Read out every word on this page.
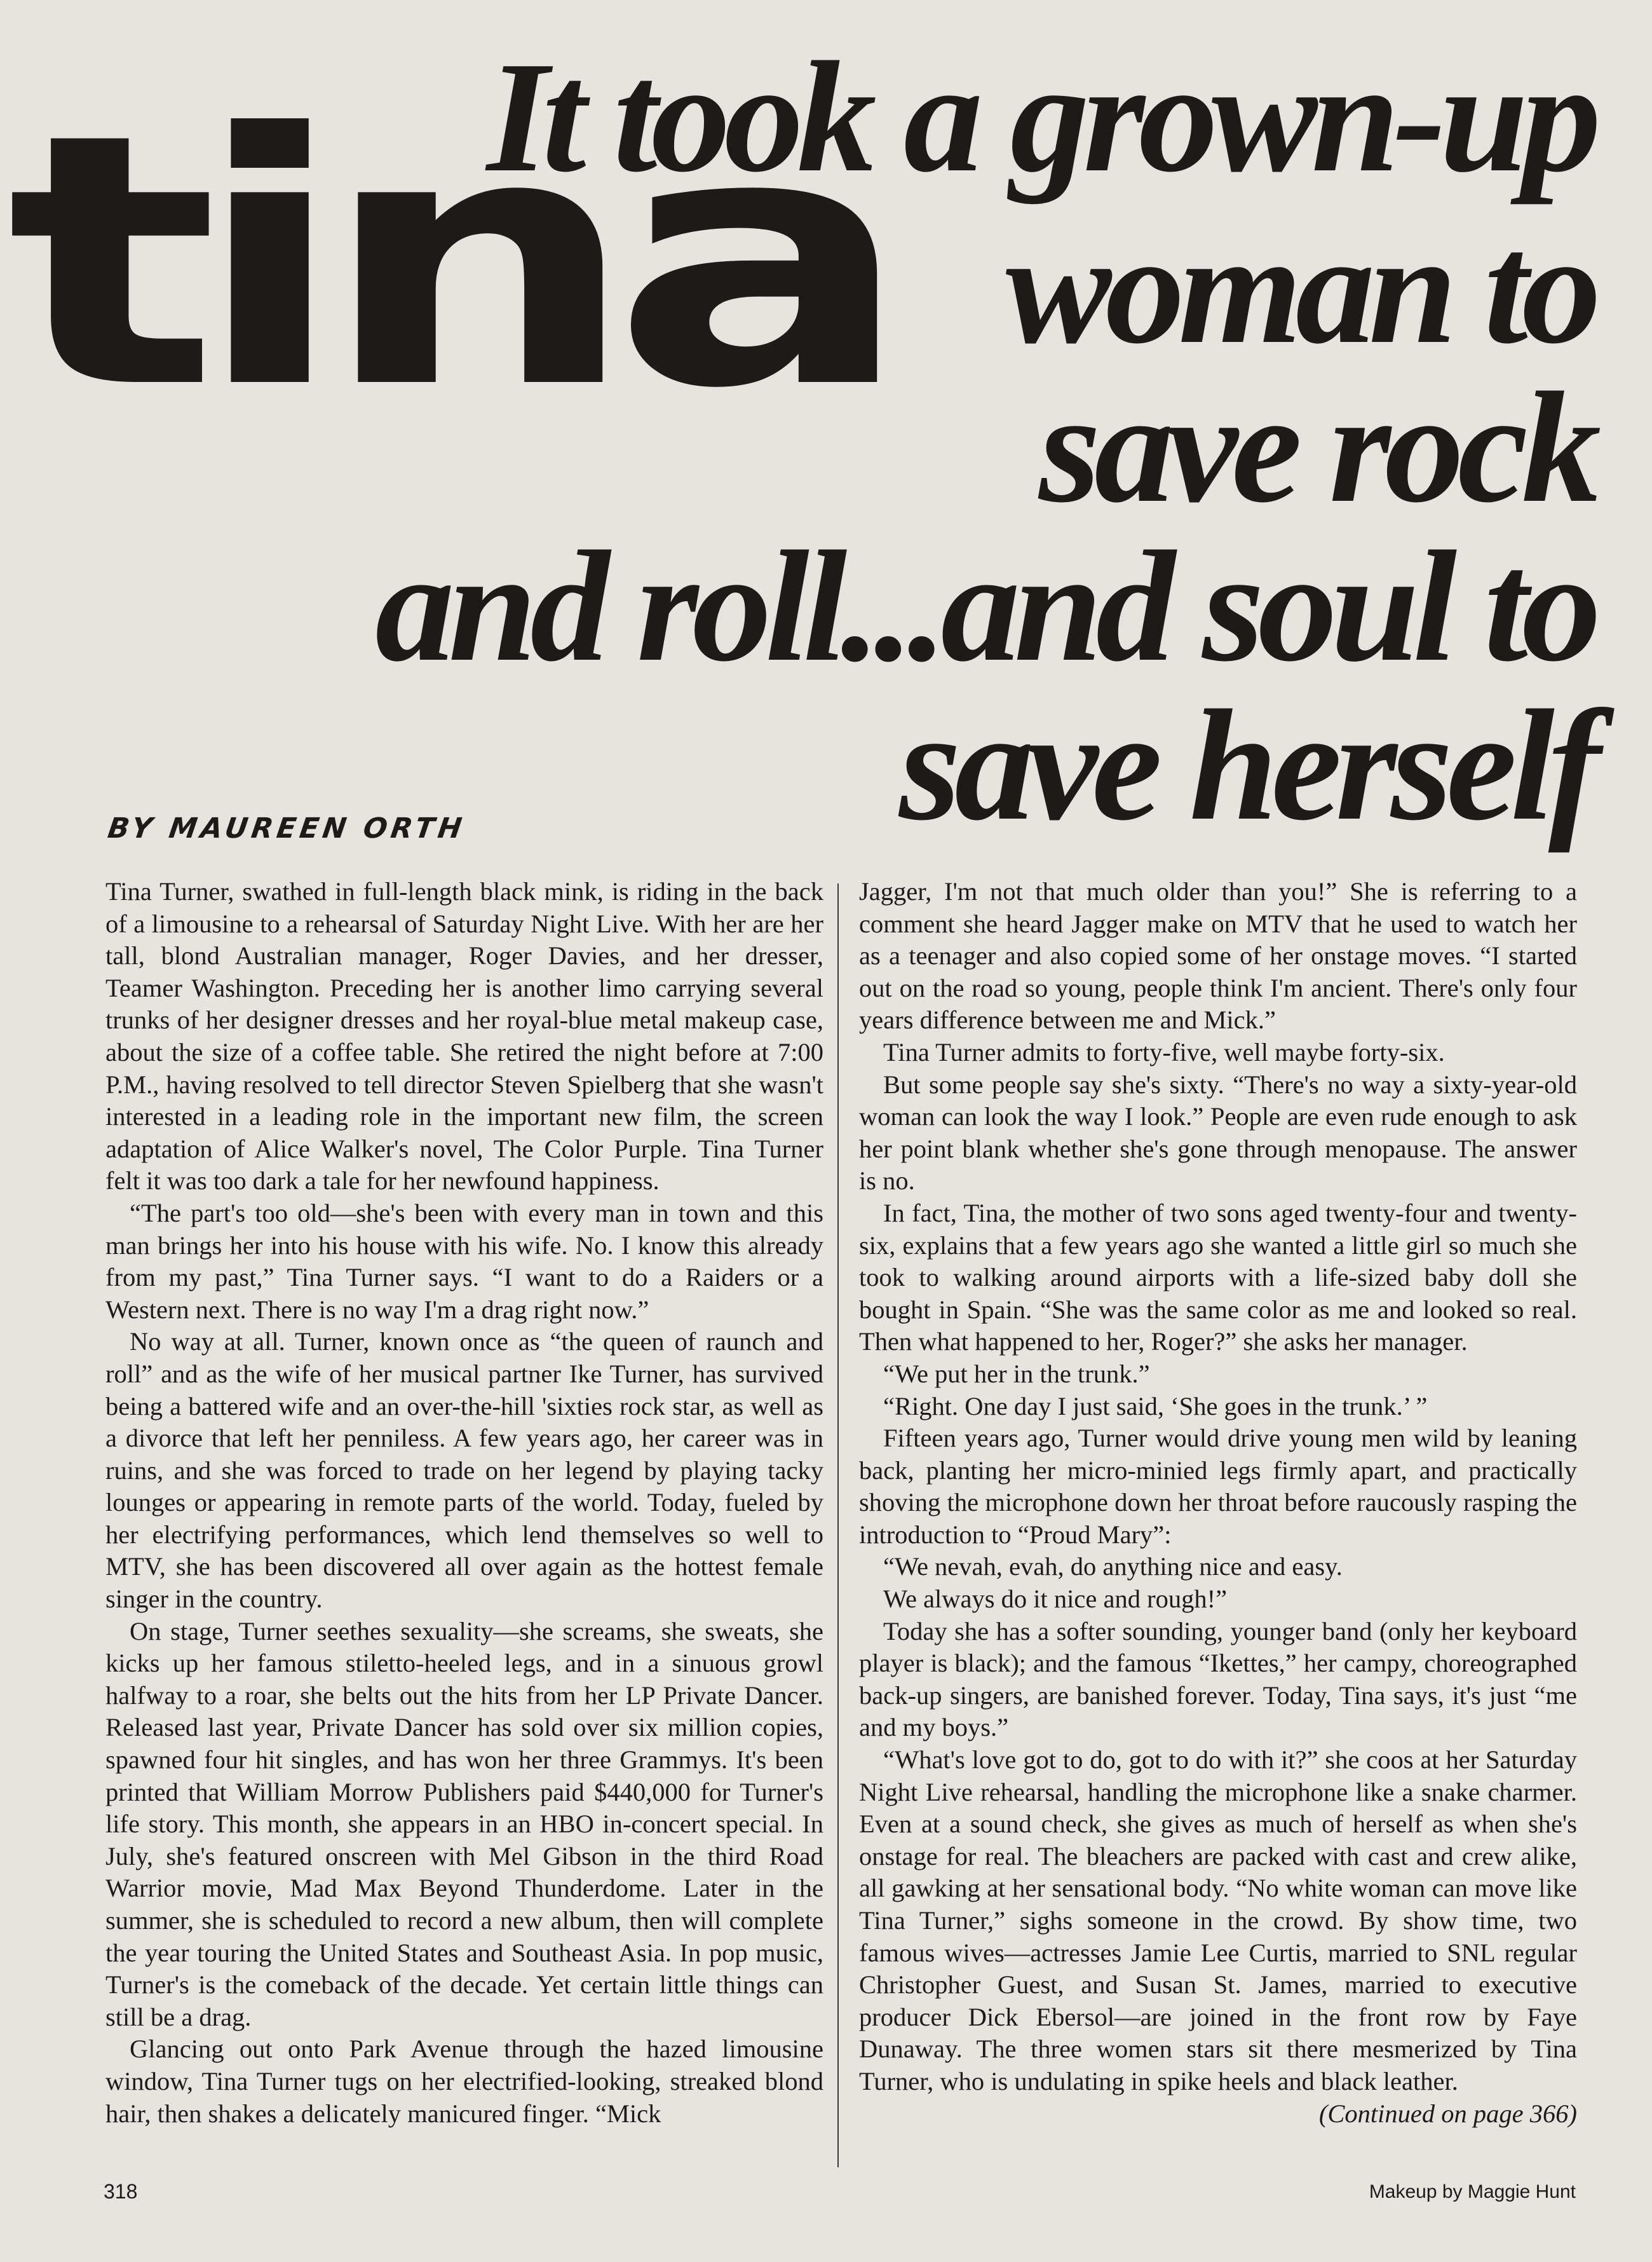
tina
It took a grown-up
woman to
save rock
and roll...and soul to
save herself
BY MAUREEN ORTH

Tina Turner, swathed in full-length black mink, is riding in the back of a limousine to a rehearsal of Saturday Night Live. With her are her tall, blond Australian manager, Roger Davies, and her dresser, Teamer Washington. Preceding her is another limo carrying several trunks of her designer dresses and her royal-blue metal makeup case, about the size of a coffee table. She retired the night before at 7:00 P.M., having resolved to tell director Steven Spielberg that she wasn't interested in a leading role in the important new film, the screen adaptation of Alice Walker's novel, The Color Purple. Tina Turner felt it was too dark a tale for her newfound happiness.

“The part's too old—she's been with every man in town and this man brings her into his house with his wife. No. I know this already from my past,” Tina Turner says. “I want to do a Raiders or a Western next. There is no way I'm a drag right now.”

No way at all. Turner, known once as “the queen of raunch and roll” and as the wife of her musical partner Ike Turner, has survived being a battered wife and an over-the-hill 'sixties rock star, as well as a divorce that left her penniless. A few years ago, her career was in ruins, and she was forced to trade on her legend by playing tacky lounges or appearing in remote parts of the world. Today, fueled by her electrifying performances, which lend themselves so well to MTV, she has been discovered all over again as the hottest female singer in the country.

On stage, Turner seethes sexuality—she screams, she sweats, she kicks up her famous stiletto-heeled legs, and in a sinuous growl halfway to a roar, she belts out the hits from her LP Private Dancer. Released last year, Private Dancer has sold over six million copies, spawned four hit singles, and has won her three Grammys. It's been printed that William Morrow Publishers paid $440,000 for Turner's life story. This month, she appears in an HBO in-concert special. In July, she's featured onscreen with Mel Gibson in the third Road Warrior movie, Mad Max Beyond Thunderdome. Later in the summer, she is scheduled to record a new album, then will complete the year touring the United States and Southeast Asia. In pop music, Turner's is the comeback of the decade. Yet certain little things can still be a drag.

Glancing out onto Park Avenue through the hazed limousine window, Tina Turner tugs on her electrified-looking, streaked blond hair, then shakes a delicately manicured finger. “Mick

Jagger, I'm not that much older than you!” She is referring to a comment she heard Jagger make on MTV that he used to watch her as a teenager and also copied some of her onstage moves. “I started out on the road so young, people think I'm ancient. There's only four years difference between me and Mick.”

Tina Turner admits to forty-five, well maybe forty-six.

But some people say she's sixty. “There's no way a sixty-year-old woman can look the way I look.” People are even rude enough to ask her point blank whether she's gone through menopause. The answer is no.

In fact, Tina, the mother of two sons aged twenty-four and twenty-six, explains that a few years ago she wanted a little girl so much she took to walking around airports with a life-sized baby doll she bought in Spain. “She was the same color as me and looked so real. Then what happened to her, Roger?” she asks her manager.

“We put her in the trunk.”

“Right. One day I just said, ‘She goes in the trunk.’ ”

Fifteen years ago, Turner would drive young men wild by leaning back, planting her micro-minied legs firmly apart, and practically shoving the microphone down her throat before raucously rasping the introduction to “Proud Mary”:

“We nevah, evah, do anything nice and easy.

We always do it nice and rough!”

Today she has a softer sounding, younger band (only her keyboard player is black); and the famous “Ikettes,” her campy, choreographed back-up singers, are banished forever. Today, Tina says, it's just “me and my boys.”

“What's love got to do, got to do with it?” she coos at her Saturday Night Live rehearsal, handling the microphone like a snake charmer. Even at a sound check, she gives as much of herself as when she's onstage for real. The bleachers are packed with cast and crew alike, all gawking at her sensational body. “No white woman can move like Tina Turner,” sighs someone in the crowd. By show time, two famous wives—actresses Jamie Lee Curtis, married to SNL regular Christopher Guest, and Susan St. James, married to executive producer Dick Ebersol—are joined in the front row by Faye Dunaway. The three women stars sit there mesmerized by Tina Turner, who is undulating in spike heels and black leather.
(Continued on page 366)

318	Makeup by Maggie Hunt
